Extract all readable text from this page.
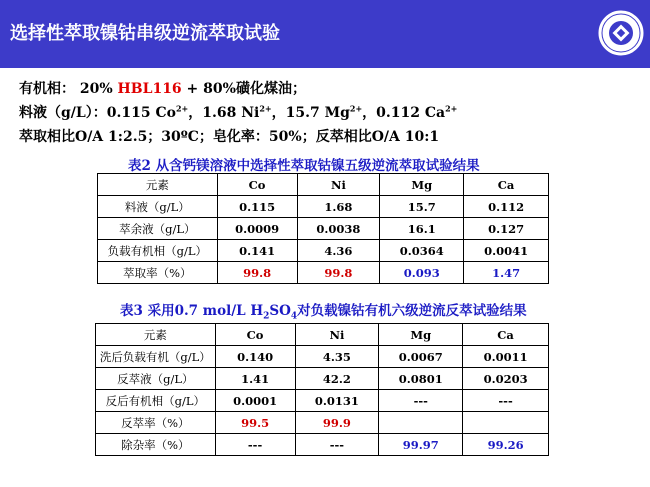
选择性萃取镍钴串级逆流萃取试验
有机相： 20% HBL116 + 80%磺化煤油；
料液（g/L）：0.115 $Co^{2+}$，1.68 $Ni^{2+}$，15.7 $Mg^{2+}$，0.112 $Ca^{2+}$
萃取相比O/A 1:2.5；30ºC；皂化率：50%；反萃相比O/A 10:1
表2 从含钙镁溶液中选择性萃取钴镍五级逆流萃取试验结果
元素	Co	Ni	Mg	Ca
料液（g/L）	0.115	1.68	15.7	0.112
萃余液（g/L）	0.0009	0.0038	16.1	0.127
负载有机相（g/L）	0.141	4.36	0.0364	0.0041
萃取率（%）	99.8	99.8	0.093	1.47
表3 采用0.7 mol/L $H_2SO_4$对负载镍钴有机六级逆流反萃试验结果
元素	Co	Ni	Mg	Ca
洗后负载有机（g/L）	0.140	4.35	0.0067	0.0011
反萃液（g/L）	1.41	42.2	0.0801	0.0203
反后有机相（g/L）	0.0001	0.0131	---	---
反萃率（%）	99.5	99.9		
除杂率（%）	---	---	99.97	99.26
